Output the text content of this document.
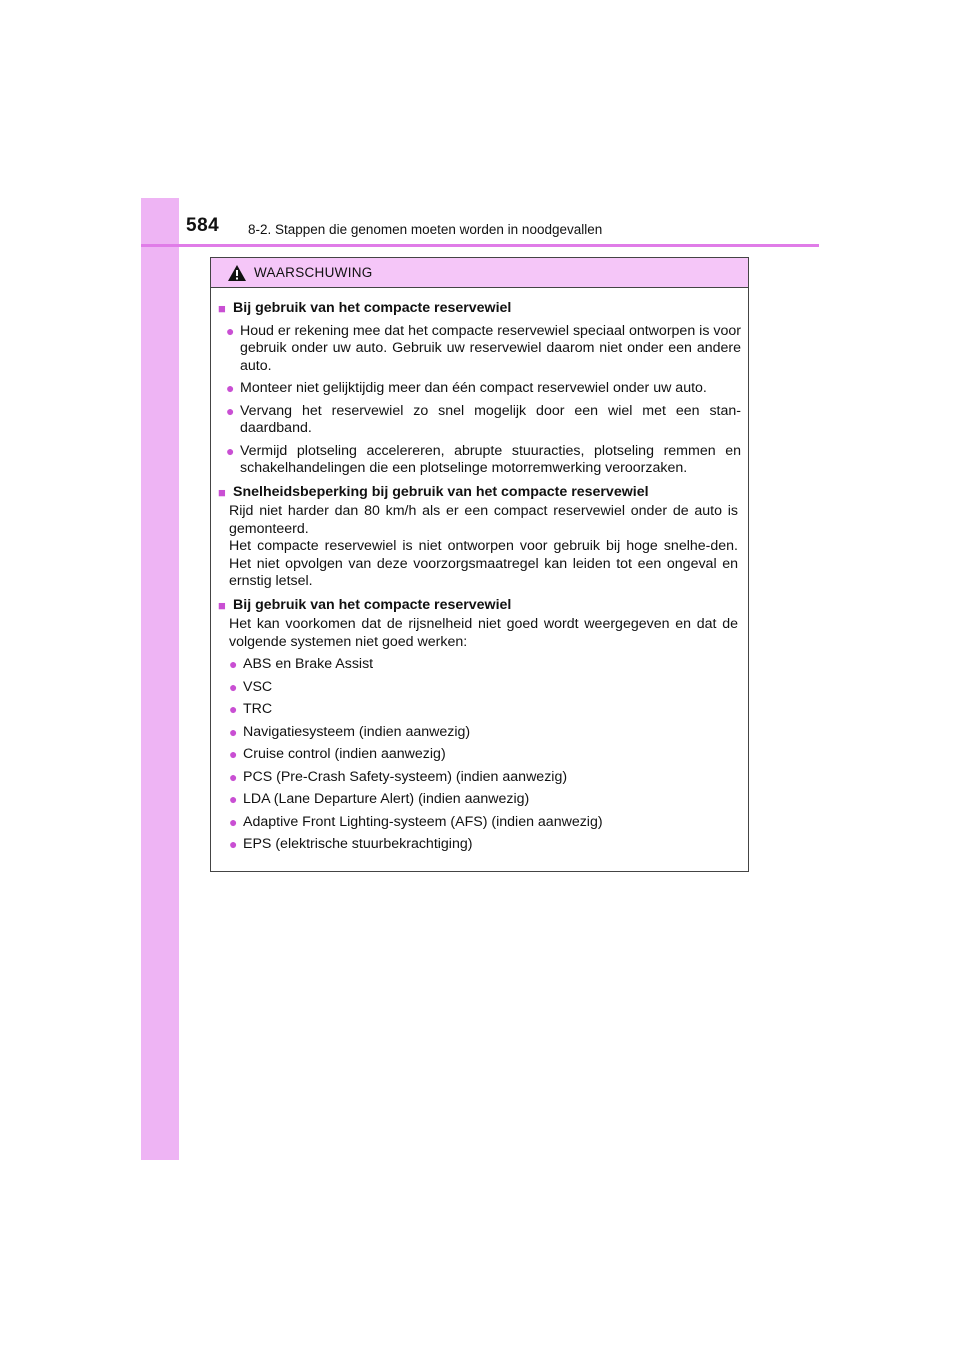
584 8-2. Stappen die genomen moeten worden in noodgevallen
WAARSCHUWING
■ Bij gebruik van het compacte reservewiel
● Houd er rekening mee dat het compacte reservewiel speciaal ontworpen is voor gebruik onder uw auto. Gebruik uw reservewiel daarom niet onder een andere auto.
● Monteer niet gelijktijdig meer dan één compact reservewiel onder uw auto.
● Vervang het reservewiel zo snel mogelijk door een wiel met een stan-daardband.
● Vermijd plotseling accelereren, abrupte stuuracties, plotseling remmen en schakelhandelingen die een plotselinge motorremwerking veroorzaken.
■ Snelheidsbeperking bij gebruik van het compacte reservewiel
Rijd niet harder dan 80 km/h als er een compact reservewiel onder de auto is gemonteerd.
Het compacte reservewiel is niet ontworpen voor gebruik bij hoge snelhe-den. Het niet opvolgen van deze voorzorgsmaatregel kan leiden tot een ongeval en ernstig letsel.
■ Bij gebruik van het compacte reservewiel
Het kan voorkomen dat de rijsnelheid niet goed wordt weergegeven en dat de volgende systemen niet goed werken:
● ABS en Brake Assist
● VSC
● TRC
● Navigatiesysteem (indien aanwezig)
● Cruise control (indien aanwezig)
● PCS (Pre-Crash Safety-systeem) (indien aanwezig)
● LDA (Lane Departure Alert) (indien aanwezig)
● Adaptive Front Lighting-systeem (AFS) (indien aanwezig)
● EPS (elektrische stuurbekrachtiging)
